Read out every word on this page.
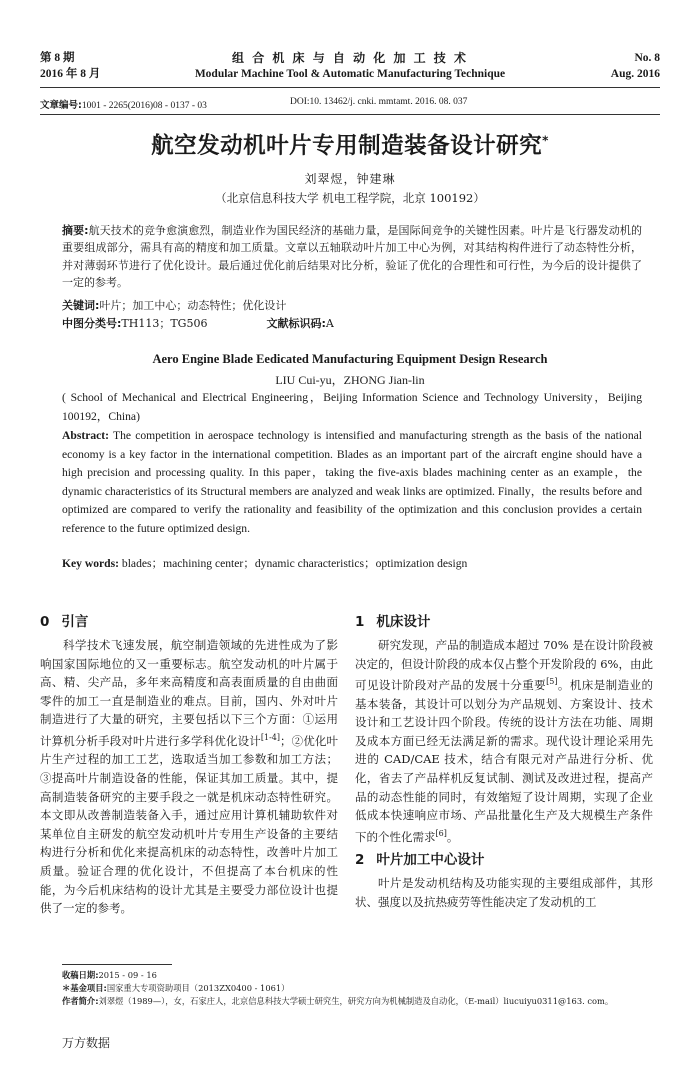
第 8 期
2016 年 8 月
组 合 机 床 与 自 动 化 加 工 技 术
Modular Machine Tool & Automatic Manufacturing Technique
No. 8
Aug. 2016
文章编号:1001 - 2265(2016)08 - 0137 - 03	DOI:10. 13462/j. cnki. mmtamt. 2016. 08. 037
航空发动机叶片专用制造装备设计研究*
刘翠煜，钟建琳
（北京信息科技大学 机电工程学院，北京 100192）
摘要:航天技术的竞争愈演愈烈，制造业作为国民经济的基础力量，是国际间竞争的关键性因素。叶片是飞行器发动机的重要组成部分，需具有高的精度和加工质量。文章以五轴联动叶片加工中心为例，对其结构构件进行了动态特性分析，并对薄弱环节进行了优化设计。最后通过优化前后结果对比分析，验证了优化的合理性和可行性，为今后的设计提供了一定的参考。
关键词:叶片；加工中心；动态特性；优化设计
中图分类号:TH113；TG506	文献标识码:A
Aero Engine Blade Eedicated Manufacturing Equipment Design Research
LIU Cui-yu，ZHONG Jian-lin
( School of Mechanical and Electrical Engineering，Beijing Information Science and Technology University，Beijing 100192，China)
Abstract: The competition in aerospace technology is intensified and manufacturing strength as the basis of the national economy is a key factor in the international competition. Blades as an important part of the aircraft engine should have a high precision and processing quality. In this paper，taking the five-axis blades machining center as an example，the dynamic characteristics of its Structural members are analyzed and weak links are optimized. Finally，the results before and optimized are compared to verify the rationality and feasibility of the optimization and this conclusion provides a certain reference to the future optimized design.
Key words: blades；machining center；dynamic characteristics；optimization design
0 引言

科学技术飞速发展，航空制造领域的先进性成为了影响国家国际地位的又一重要标志。航空发动机的叶片属于高、精、尖产品，多年来高精度和高表面质量的自由曲面零件的加工一直是制造业的难点。目前，国内、外对叶片制造进行了大量的研究，主要包括以下三个方面：①运用计算机分析手段对叶片进行多学科优化设计[1-4]；②优化叶片生产过程的加工工艺，选取适当加工参数和加工方法；③提高叶片制造设备的性能，保证其加工质量。其中，提高制造装备研究的主要手段之一就是机床动态特性研究。本文即从改善制造装备入手，通过应用计算机辅助软件对某单位自主研发的航空发动机叶片专用生产设备的主要结构进行分析和优化来提高机床的动态特性，改善叶片加工质量。验证合理的优化设计，不但提高了本台机床的性能，为今后机床结构的设计尤其是主要受力部位设计也提供了一定的参考。

1 机床设计

研究发现，产品的制造成本超过 70% 是在设计阶段被决定的，但设计阶段的成本仅占整个开发阶段的 6%，由此可见设计阶段对产品的发展十分重要[5]。机床是制造业的基本装备，其设计可以划分为产品规划、方案设计、技术设计和工艺设计四个阶段。传统的设计方法在功能、周期及成本方面已经无法满足新的需求。现代设计理论采用先进的 CAD/CAE 技术，结合有限元对产品进行分析、优化，省去了产品样机反复试制、测试及改进过程，提高产品的动态性能的同时，有效缩短了设计周期，实现了企业低成本快速响应市场、产品批量化生产及大规模生产条件下的个性化需求[6]。

2 叶片加工中心设计

叶片是发动机结构及功能实现的主要组成部件，其形状、强度以及抗热疲劳等性能决定了发动机的工

收稿日期:2015 - 09 - 16
＊基金项目:国家重大专项资助项目（2013ZX0400 - 1061）
作者简介:刘翠煜（1989—），女，石家庄人，北京信息科技大学硕士研究生，研究方向为机械制造及自动化，（E-mail）liucuiyu0311@163. com。
万方数据
